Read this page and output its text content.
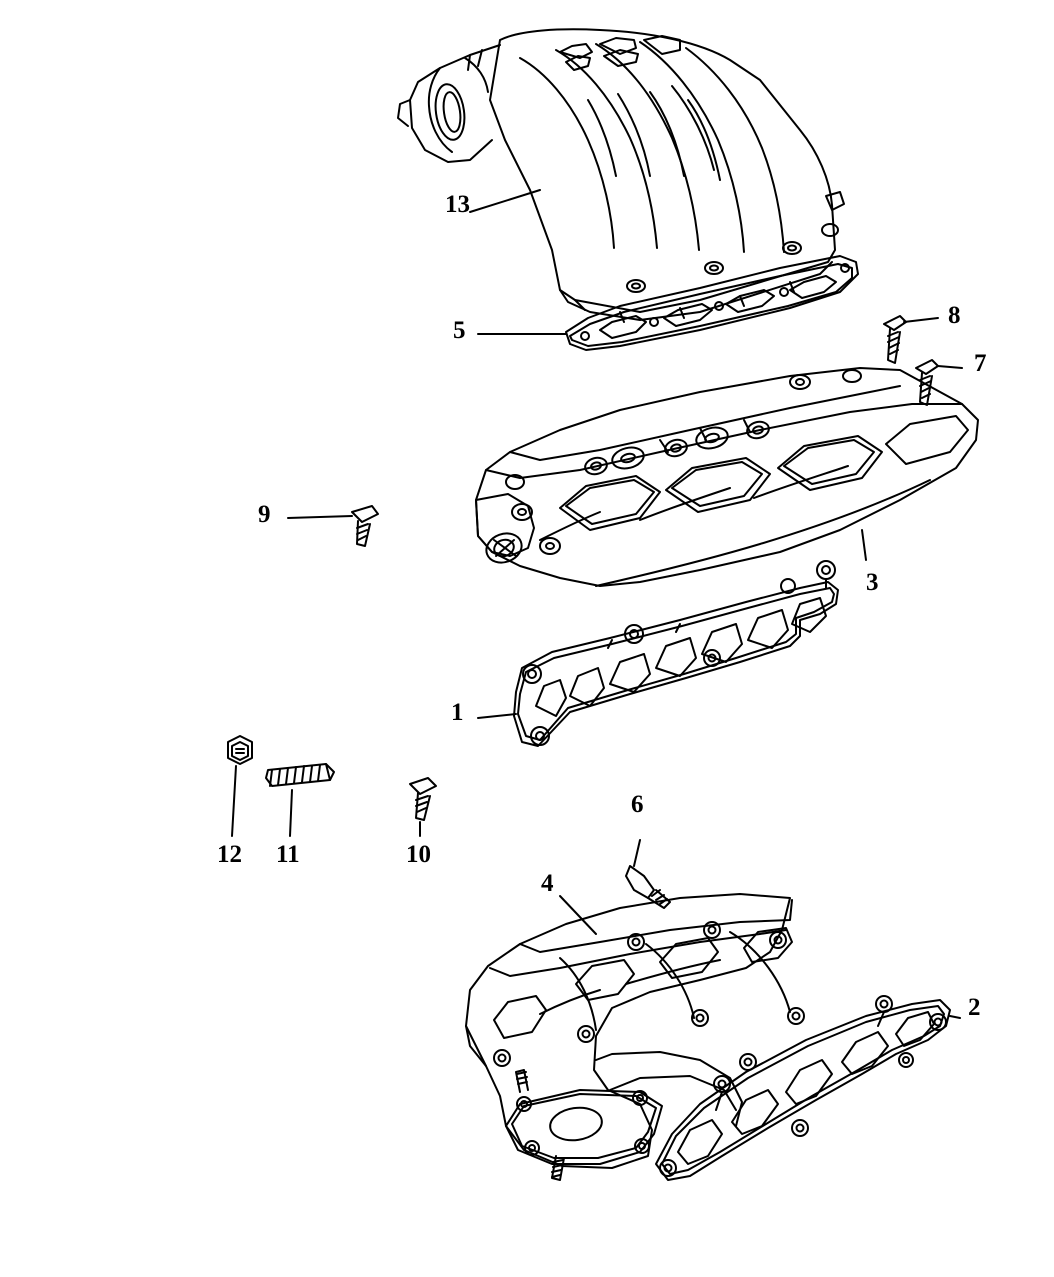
13
5
8
7
9
3
1
12 11	10
6
4
2
